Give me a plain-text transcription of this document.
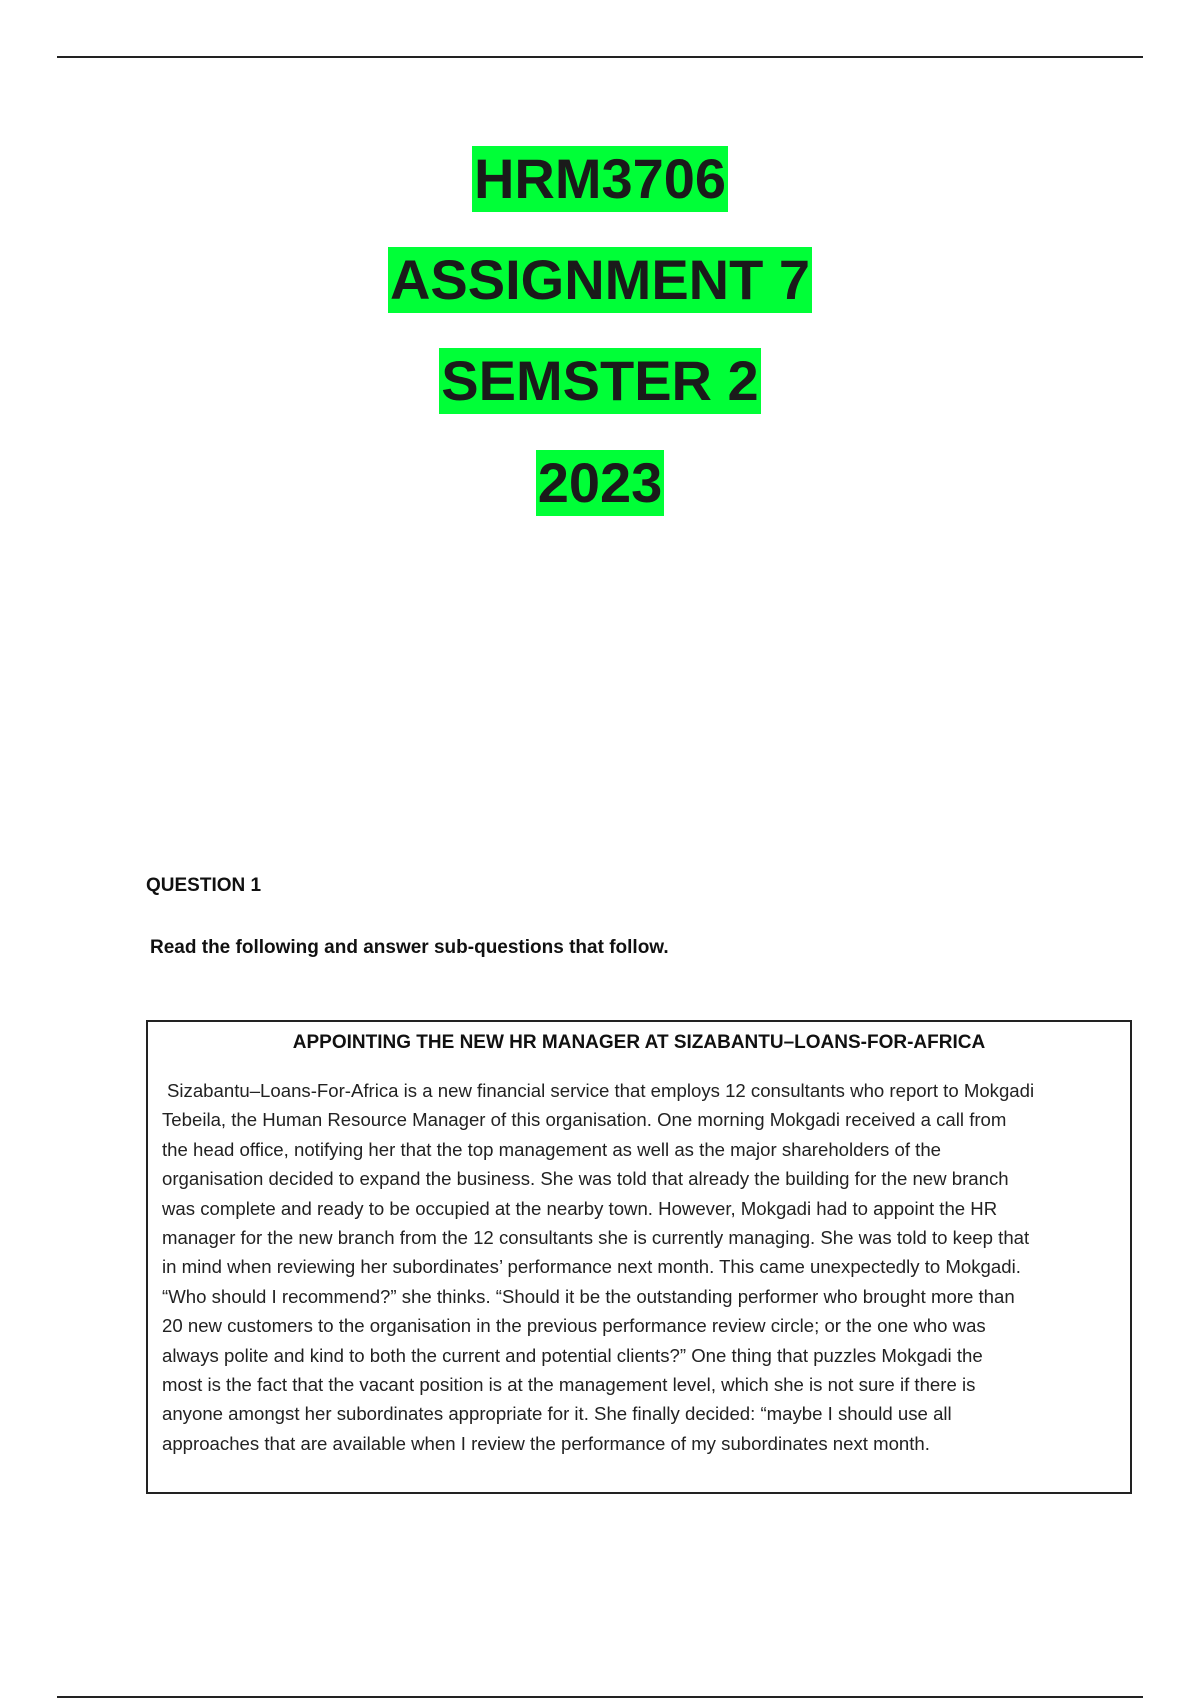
HRM3706
ASSIGNMENT 7
SEMSTER 2
2023
QUESTION 1
Read the following and answer sub-questions that follow.
APPOINTING THE NEW HR MANAGER AT SIZABANTU–LOANS-FOR-AFRICA
Sizabantu–Loans-For-Africa is a new financial service that employs 12 consultants who report to Mokgadi
Tebeila, the Human Resource Manager of this organisation. One morning Mokgadi received a call from
the head office, notifying her that the top management as well as the major shareholders of the
organisation decided to expand the business. She was told that already the building for the new branch
was complete and ready to be occupied at the nearby town. However, Mokgadi had to appoint the HR
manager for the new branch from the 12 consultants she is currently managing. She was told to keep that
in mind when reviewing her subordinates’ performance next month. This came unexpectedly to Mokgadi.
“Who should I recommend?” she thinks. “Should it be the outstanding performer who brought more than
20 new customers to the organisation in the previous performance review circle; or the one who was
always polite and kind to both the current and potential clients?” One thing that puzzles Mokgadi the
most is the fact that the vacant position is at the management level, which she is not sure if there is
anyone amongst her subordinates appropriate for it. She finally decided: “maybe I should use all
approaches that are available when I review the performance of my subordinates next month.
